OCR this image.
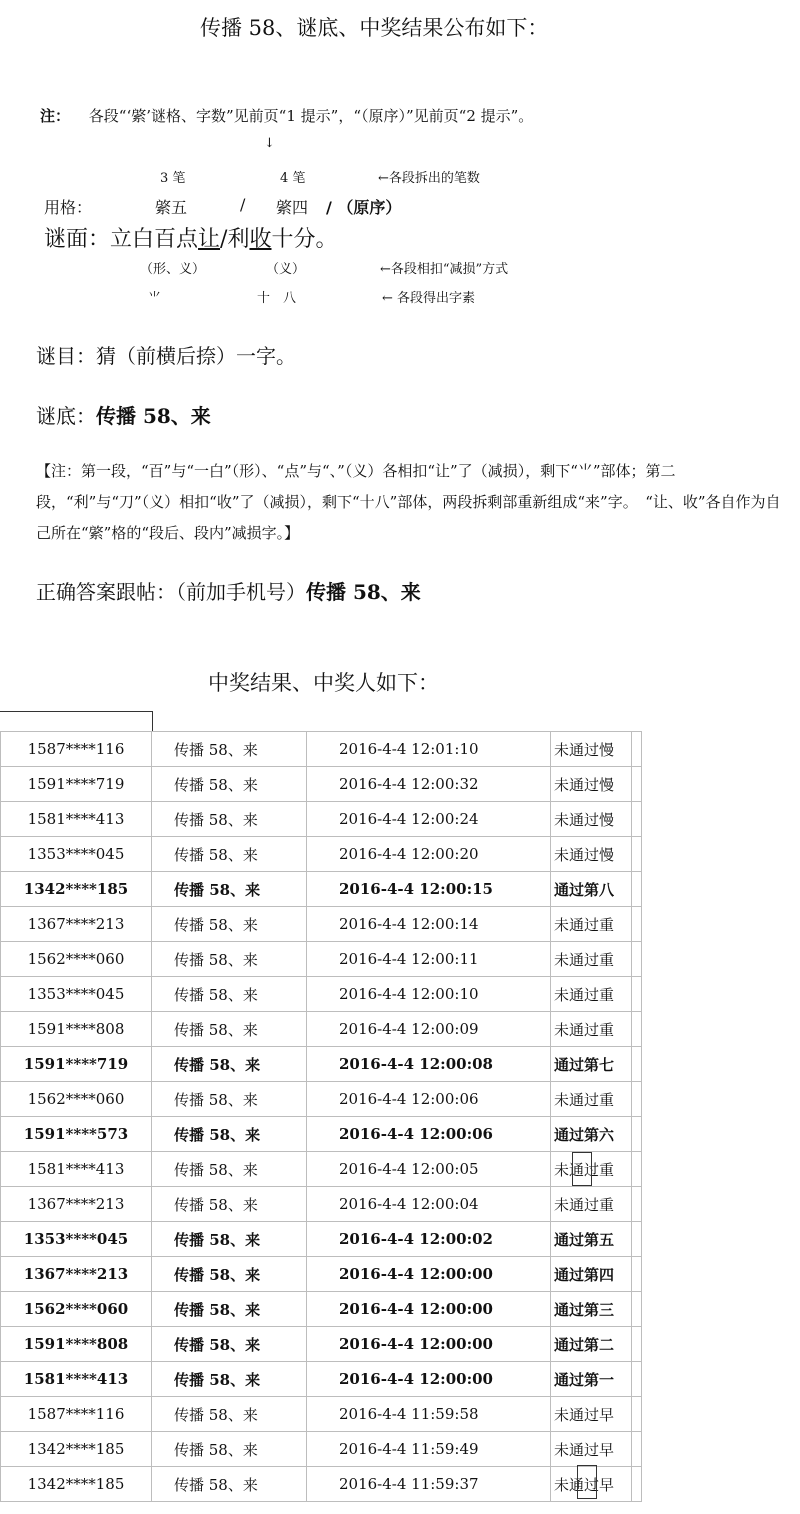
传播 58、谜底、中奖结果公布如下：
注： 各段“‘綮’谜格、字数”见前页“1 提示”，“（原序）”见前页“2 提示”。
↓
3 笔	4 笔	←各段拆出的笔数
用格：	綮五	/ 綮四 / （原序）
谜面：立白百点让/利收十分。
（形、义）	（义）	←各段相扣“减损”方式
⺌	十　八	← 各段得出字素
谜目：猜（前横后捺）一字。
谜底：传播 58、来
【注：第一段，“百”与“一白”（形）、“点”与“、”（义）各相扣“让”了（减损），剩下“⺌”部体；第二段，“利”与“刀”（义）相扣“收”了（减损），剩下“十八”部体，两段拆剩部重新组成“来”字。　“让、收”各自作为自己所在“綮”格的“段后、段内”减损字。】
正确答案跟帖：（前加手机号）传播 58、来
中奖结果、中奖人如下：
1587****116	传播 58、来	2016-4-4 12:01:10	未通过慢	
1591****719	传播 58、来	2016-4-4 12:00:32	未通过慢	
1581****413	传播 58、来	2016-4-4 12:00:24	未通过慢	
1353****045	传播 58、来	2016-4-4 12:00:20	未通过慢	
1342****185	传播 58、来	2016-4-4 12:00:15	通过第八	
1367****213	传播 58、来	2016-4-4 12:00:14	未通过重	
1562****060	传播 58、来	2016-4-4 12:00:11	未通过重	
1353****045	传播 58、来	2016-4-4 12:00:10	未通过重	
1591****808	传播 58、来	2016-4-4 12:00:09	未通过重	
1591****719	传播 58、来	2016-4-4 12:00:08	通过第七	
1562****060	传播 58、来	2016-4-4 12:00:06	未通过重	
1591****573	传播 58、来	2016-4-4 12:00:06	通过第六	
1581****413	传播 58、来	2016-4-4 12:00:05	未通过重	
1367****213	传播 58、来	2016-4-4 12:00:04	未通过重	
1353****045	传播 58、来	2016-4-4 12:00:02	通过第五	
1367****213	传播 58、来	2016-4-4 12:00:00	通过第四	
1562****060	传播 58、来	2016-4-4 12:00:00	通过第三	
1591****808	传播 58、来	2016-4-4 12:00:00	通过第二	
1581****413	传播 58、来	2016-4-4 12:00:00	通过第一	
1587****116	传播 58、来	2016-4-4 11:59:58	未通过早	
1342****185	传播 58、来	2016-4-4 11:59:49	未通过早	
1342****185	传播 58、来	2016-4-4 11:59:37	未通过早	
